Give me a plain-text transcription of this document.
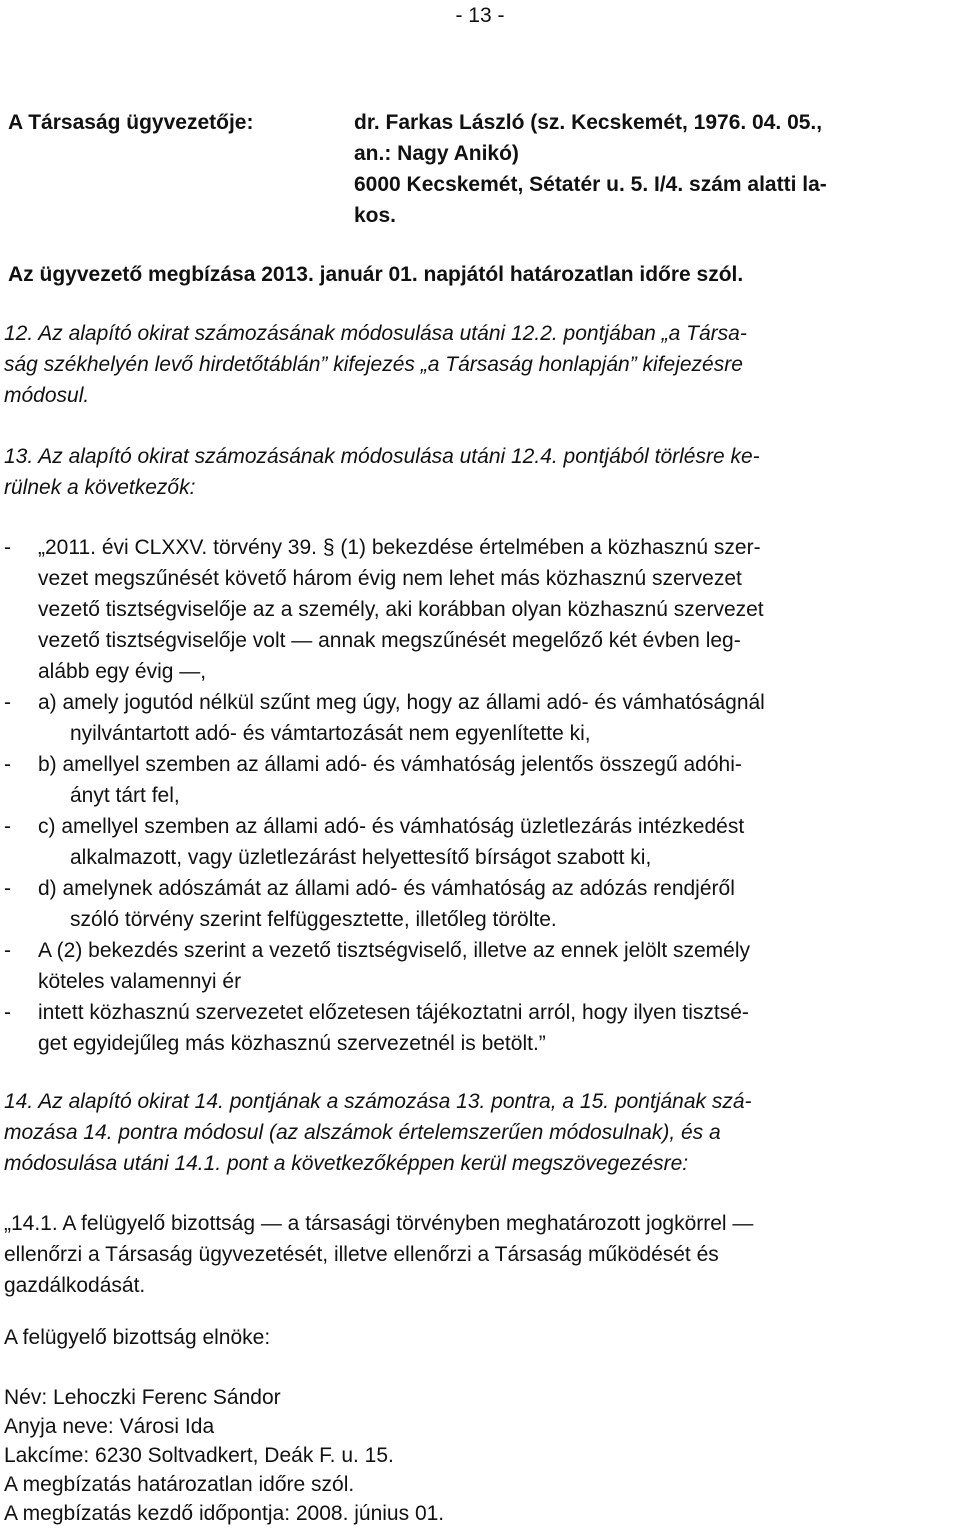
- 13 -
A Társaság ügyvezetője:	dr. Farkas László (sz. Kecskemét, 1976. 04. 05.,
an.: Nagy Anikó)
6000 Kecskemét, Sétatér u. 5. I/4. szám alatti la-
kos.
Az ügyvezető megbízása 2013. január 01. napjától határozatlan időre szól.
12. Az alapító okirat számozásának módosulása utáni 12.2. pontjában „a Társa-
ság székhelyén levő hirdetőtáblán” kifejezés „a Társaság honlapján” kifejezésre
módosul.
13. Az alapító okirat számozásának módosulása utáni 12.4. pontjából törlésre ke-
rülnek a következők:
-	„2011. évi CLXXV. törvény 39. § (1) bekezdése értelmében a közhasznú szer-
vezet megszűnését követő három évig nem lehet más közhasznú szervezet
vezető tisztségviselője az a személy, aki korábban olyan közhasznú szervezet
vezető tisztségviselője volt ― annak megszűnését megelőző két évben leg-
alább egy évig ―,
-	a) amely jogutód nélkül szűnt meg úgy, hogy az állami adó- és vámhatóságnál
nyilvántartott adó- és vámtartozását nem egyenlítette ki,
-	b) amellyel szemben az állami adó- és vámhatóság jelentős összegű adóhi-
ányt tárt fel,
-	c) amellyel szemben az állami adó- és vámhatóság üzletlezárás intézkedést
alkalmazott, vagy üzletlezárást helyettesítő bírságot szabott ki,
-	d) amelynek adószámát az állami adó- és vámhatóság az adózás rendjéről
szóló törvény szerint felfüggesztette, illetőleg törölte.
-	A (2) bekezdés szerint a vezető tisztségviselő, illetve az ennek jelölt személy
köteles valamennyi ér
-	intett közhasznú szervezetet előzetesen tájékoztatni arról, hogy ilyen tisztsé-
get egyidejűleg más közhasznú szervezetnél is betölt.”
14. Az alapító okirat 14. pontjának a számozása 13. pontra, a 15. pontjának szá-
mozása 14. pontra módosul (az alszámok értelemszerűen módosulnak), és a
módosulása utáni 14.1. pont a következőképpen kerül megszövegezésre:
„14.1. A felügyelő bizottság ― a társasági törvényben meghatározott jogkörrel ―
ellenőrzi a Társaság ügyvezetését, illetve ellenőrzi a Társaság működését és
gazdálkodását.
A felügyelő bizottság elnöke:
Név: Lehoczki Ferenc Sándor
Anyja neve: Városi Ida
Lakcíme: 6230 Soltvadkert, Deák F. u. 15.
A megbízatás határozatlan időre szól.
A megbízatás kezdő időpontja: 2008. június 01.
